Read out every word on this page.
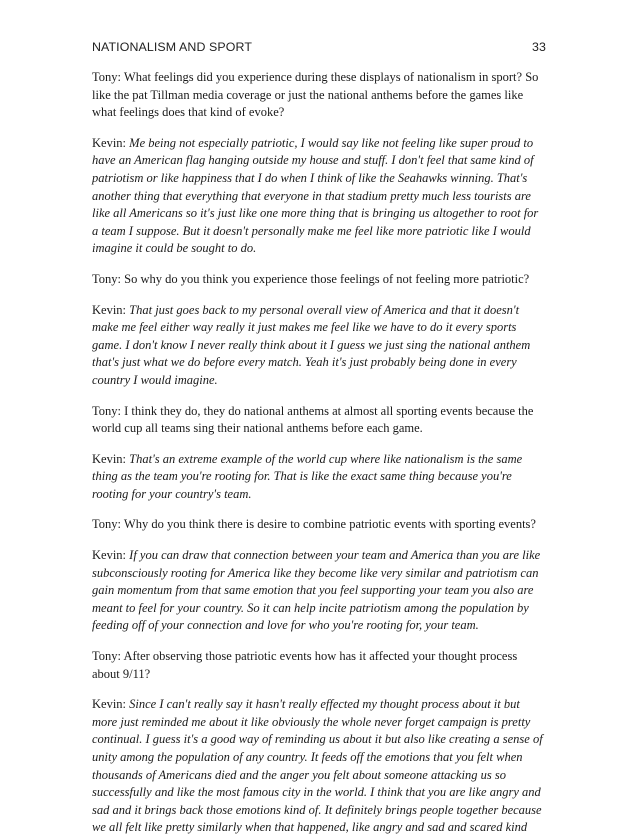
NATIONALISM AND SPORT	33

Tony: What feelings did you experience during these displays of nationalism in sport? So like the pat Tillman media coverage or just the national anthems before the games like what feelings does that kind of evoke?

Kevin: Me being not especially patriotic, I would say like not feeling like super proud to have an American flag hanging outside my house and stuff. I don't feel that same kind of patriotism or like happiness that I do when I think of like the Seahawks winning. That's another thing that everything that everyone in that stadium pretty much less tourists are like all Americans so it's just like one more thing that is bringing us altogether to root for a team I suppose. But it doesn't personally make me feel like more patriotic like I would imagine it could be sought to do.

Tony: So why do you think you experience those feelings of not feeling more patriotic?

Kevin: That just goes back to my personal overall view of America and that it doesn't make me feel either way really it just makes me feel like we have to do it every sports game. I don't know I never really think about it I guess we just sing the national anthem that's just what we do before every match. Yeah it's just probably being done in every country I would imagine.

Tony: I think they do, they do national anthems at almost all sporting events because the world cup all teams sing their national anthems before each game.

Kevin: That's an extreme example of the world cup where like nationalism is the same thing as the team you're rooting for. That is like the exact same thing because you're rooting for your country's team.

Tony: Why do you think there is desire to combine patriotic events with sporting events?

Kevin: If you can draw that connection between your team and America than you are like subconsciously rooting for America like they become like very similar and patriotism can gain momentum from that same emotion that you feel supporting your team you also are meant to feel for your country. So it can help incite patriotism among the population by feeding off of your connection and love for who you're rooting for, your team.

Tony: After observing those patriotic events how has it affected your thought process about 9/11?

Kevin: Since I can't really say it hasn't really effected my thought process about it but more just reminded me about it like obviously the whole never forget campaign is pretty continual. I guess it's a good way of reminding us about it but also like creating a sense of unity among the population of any country. It feeds off the emotions that you felt when thousands of Americans died and the anger you felt about someone attacking us so successfully and like the most famous city in the world. I think that you are like angry and sad and it brings back those emotions kind of. It definitely brings people together because we all felt like pretty similarly when that happened, like angry and sad and scared kind
